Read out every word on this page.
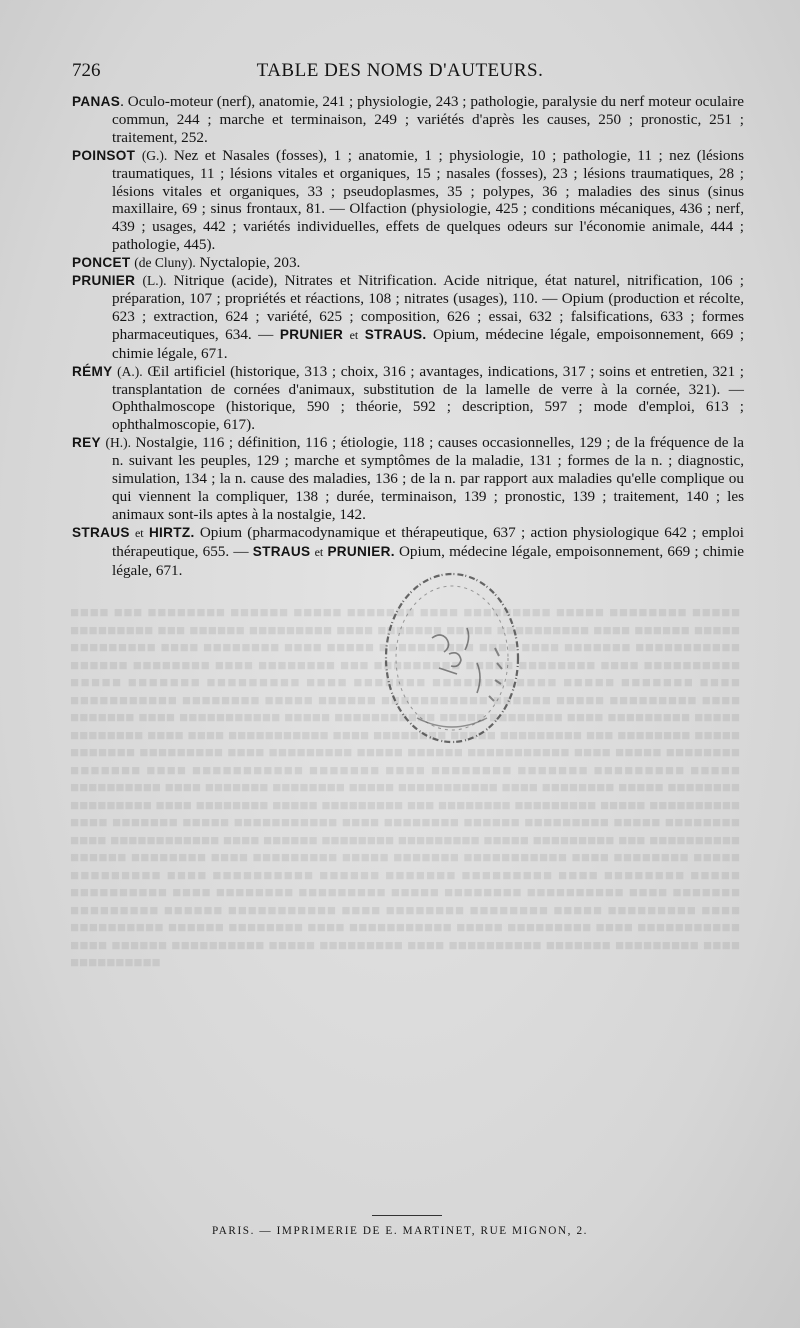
■■■■ ■■■ ■■■■■■■■ ■■■■■■ ■■■■■ ■■■■■■■ ■■■■ ■■■■■■■■■ ■■■■■ ■■■■■■■■ ■■■■■ ■■■■■■■■■ ■■■ ■■■■■■ ■■■■■■■■■ ■■■■ ■■■■■■■ ■■■■■ ■■■■■■■■■■ ■■■■ ■■■■■■ ■■■■■ ■■■■■■■■■ ■■■■ ■■■■■■■■ ■■■■ ■■■■■ ■■■■■■■■■■ ■■■■ ■■■■ ■■■■■■■ ■■■■■■■■■■■ ■■■■■■ ■■■■■■■■ ■■■■ ■■■■■■■■ ■■■ ■■■■■■■■■ ■■■■■ ■■■■■■■■ ■■■■ ■■■■■■■■■■ ■■■■■ ■■■■■■■ ■■■■■■■■■ ■■■■ ■■■■■■■ ■■■■■■■■■■■■ ■■■■■ ■■■■■■■ ■■■■ ■■■■■■■■■■■ ■■■■■■■■ ■■■■■ ■■■■■■ ■■■■■■■■■■■ ■■■■■■ ■■■■■ ■■■■■■■■■ ■■■■ ■■■■■■■ ■■■■ ■■■■■■■■■■■ ■■■■■ ■■■■■■■■■■■ ■■■■■ ■■■■■■■■ ■■■■ ■■■■■■■■■ ■■■■■ ■■■■■■■■ ■■■■ ■■■■ ■■■■■■■■■■■ ■■■■ ■■■■■■■■ ■■■■■ ■■■■■■■■■ ■■■ ■■■■■■■■ ■■■■■ ■■■■■■■ ■■■■■■■■■ ■■■■ ■■■■■■■■■ ■■■■■ ■■■■■■ ■■■■■■■■■■■ ■■■■ ■■■■■ ■■■■■■■■ ■■■■■■■ ■■■■ ■■■■■■■■■■■ ■■■■■■■ ■■■■ ■■■■■■■■ ■■■■■■■ ■■■■■■■■■ ■■■■■ ■■■■■■■■■■ ■■■■ ■■■■■■■ ■■■■■■■■ ■■■■■ ■■■■■■■■■■■ ■■■■ ■■■■■■■■ ■■■■■ ■■■■■■■■ ■■■■■■■■■ ■■■■ ■■■■■■■■ ■■■■■ ■■■■■■■■■ ■■■ ■■■■■■■■ ■■■■■■■■■ ■■■■■ ■■■■■■■■■■ ■■■■ ■■■■■■■ ■■■■■ ■■■■■■■■■■■ ■■■■ ■■■■■■■■ ■■■■■■ ■■■■■■■■■ ■■■■■ ■■■■■■■■ ■■■■ ■■■■■■■■■■■■ ■■■■ ■■■■■■ ■■■■■■■■ ■■■■■■■■■ ■■■■■ ■■■■■■■■■ ■■■ ■■■■■■■■■■ ■■■■■■ ■■■■■■■■ ■■■■ ■■■■■■■■■ ■■■■■ ■■■■■■■ ■■■■■■■■■■■ ■■■■ ■■■■■■■■ ■■■■■ ■■■■■■■■■ ■■■■ ■■■■■■■■■■ ■■■■■■ ■■■■■■■ ■■■■■■■■■ ■■■■ ■■■■■■■■ ■■■■■ ■■■■■■■■■■ ■■■■ ■■■■■■■■ ■■■■■■■■■ ■■■■■ ■■■■■■■■ ■■■■■■■■■■ ■■■■ ■■■■■■■ ■■■■■■■■■ ■■■■■■ ■■■■■■■■■■■ ■■■■ ■■■■■■■■ ■■■■■■■■ ■■■■■ ■■■■■■■■■ ■■■■ ■■■■■■■■■■ ■■■■■■ ■■■■■■■■ ■■■■ ■■■■■■■■■■■ ■■■■■ ■■■■■■■■■ ■■■■ ■■■■■■■■■■■ ■■■■ ■■■■■■ ■■■■■■■■■■ ■■■■■ ■■■■■■■■■ ■■■■ ■■■■■■■■■■ ■■■■■■■ ■■■■■■■■■ ■■■■ ■■■■■■■■■■
726	TABLE DES NOMS D'AUTEURS.

PANAS. Oculo-moteur (nerf), anatomie, 241 ; physiologie, 243 ; pathologie, paralysie du nerf moteur oculaire commun, 244 ; marche et terminaison, 249 ; variétés d'après les causes, 250 ; pronostic, 251 ; traitement, 252.

POINSOT (G.). Nez et Nasales (fosses), 1 ; anatomie, 1 ; physiologie, 10 ; pathologie, 11 ; nez (lésions traumatiques, 11 ; lésions vitales et organiques, 15 ; nasales (fosses), 23 ; lésions traumatiques, 28 ; lésions vitales et organiques, 33 ; pseudoplasmes, 35 ; polypes, 36 ; maladies des sinus (sinus maxillaire, 69 ; sinus frontaux, 81. — Olfaction (physiologie, 425 ; conditions mécaniques, 436 ; nerf, 439 ; usages, 442 ; variétés individuelles, effets de quelques odeurs sur l'économie animale, 444 ; pathologie, 445).

PONCET (de Cluny). Nyctalopie, 203.

PRUNIER (L.). Nitrique (acide), Nitrates et Nitrification. Acide nitrique, état naturel, nitrification, 106 ; préparation, 107 ; propriétés et réactions, 108 ; nitrates (usages), 110. — Opium (production et récolte, 623 ; extraction, 624 ; variété, 625 ; composition, 626 ; essai, 632 ; falsifications, 633 ; formes pharmaceutiques, 634. — PRUNIER et STRAUS. Opium, médecine légale, empoisonnement, 669 ; chimie légale, 671.

RÉMY (A.). Œil artificiel (historique, 313 ; choix, 316 ; avantages, indications, 317 ; soins et entretien, 321 ; transplantation de cornées d'animaux, substitution de la lamelle de verre à la cornée, 321). — Ophthalmoscope (historique, 590 ; théorie, 592 ; description, 597 ; mode d'emploi, 613 ; ophthalmoscopie, 617).

REY (H.). Nostalgie, 116 ; définition, 116 ; étiologie, 118 ; causes occasionnelles, 129 ; de la fréquence de la n. suivant les peuples, 129 ; marche et symptômes de la maladie, 131 ; formes de la n. ; diagnostic, simulation, 134 ; la n. cause des maladies, 136 ; de la n. par rapport aux maladies qu'elle complique ou qui viennent la compliquer, 138 ; durée, terminaison, 139 ; pronostic, 139 ; traitement, 140 ; les animaux sont-ils aptes à la nostalgie, 142.

STRAUS et HIRTZ. Opium (pharmacodynamique et thérapeutique, 637 ; action physiologique 642 ; emploi thérapeutique, 655. — STRAUS et PRUNIER. Opium, médecine légale, empoisonnement, 669 ; chimie légale, 671.

PARIS. — IMPRIMERIE DE E. MARTINET, RUE MIGNON, 2.
